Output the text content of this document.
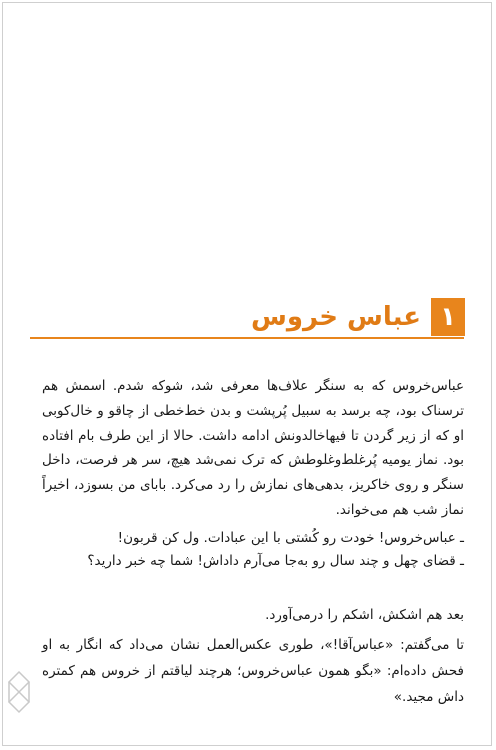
۱
عباس خروس
عباس‌خروس که به سنگر علاف‌ها معرفی شد، شوکه شدم. اسمش هم ترسناک بود، چه برسد به سبیل پُرپشت و بدن خط‌خطی از چاقو و خال‌کوبی او که از زیر گردن تا فیهاخالدونش ادامه داشت. حالا از این طرف بام افتاده بود. نماز یومیه پُرغلط‌وغلوطش که ترک نمی‌شد هیچ، سر هر فرصت، داخل سنگر و روی خاکریز، بدهی‌های نمازش را رد می‌کرد. بابای من بسوزد، اخیراً نماز شب هم می‌خواند.
ـ عباس‌خروس! خودت رو کُشتی با این عبادات. ول کن قربون!
ـ قضای چهل و چند سال رو به‌جا می‌آرم داداش! شما چه خبر دارید؟
بعد هم اشکش، اشکم را درمی‌آورد.
تا می‌گفتم: «عباس‌آقا!»، طوری عکس‌العمل نشان می‌داد که انگار به او فحش داده‌ام: «بگو همون عباس‌خروس؛ هرچند لیاقتم از خروس هم کمتره داش مجید.»
